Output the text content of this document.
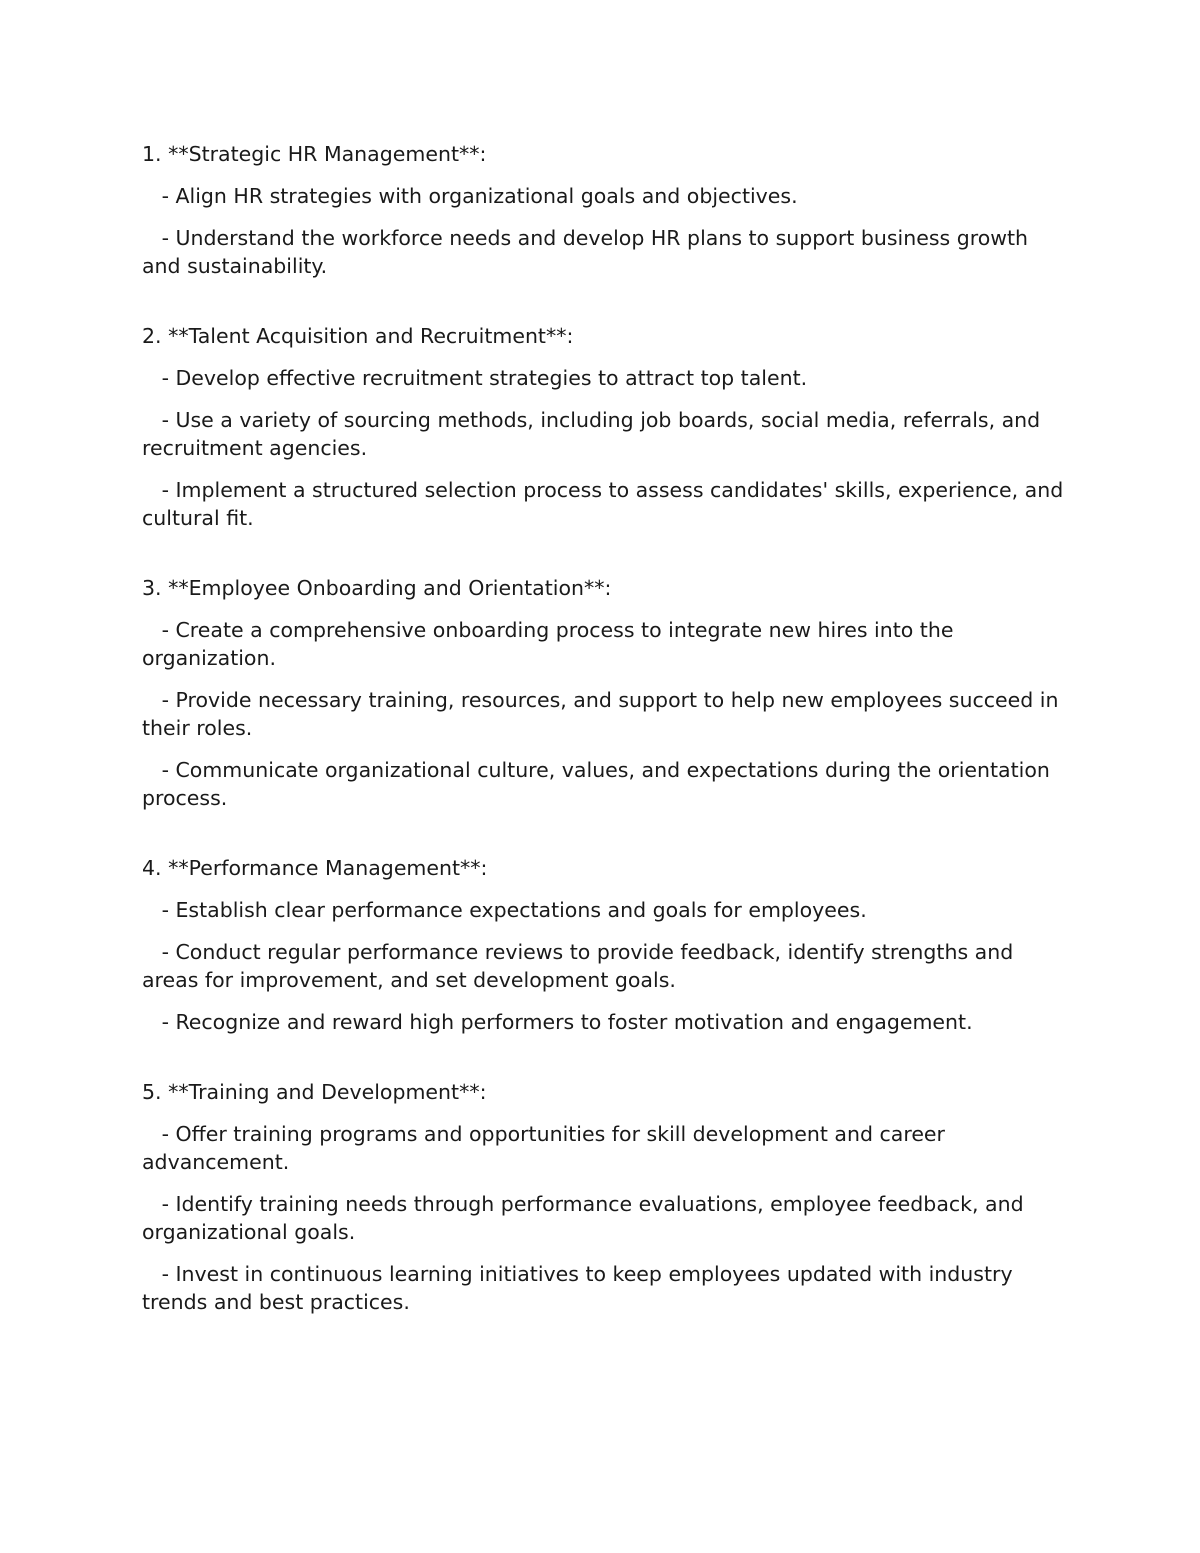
1. **Strategic HR Management**:

- Align HR strategies with organizational goals and objectives.

- Understand the workforce needs and develop HR plans to support business growth and sustainability.

2. **Talent Acquisition and Recruitment**:

- Develop effective recruitment strategies to attract top talent.

- Use a variety of sourcing methods, including job boards, social media, referrals, and recruitment agencies.

- Implement a structured selection process to assess candidates' skills, experience, and cultural fit.

3. **Employee Onboarding and Orientation**:

- Create a comprehensive onboarding process to integrate new hires into the organization.

- Provide necessary training, resources, and support to help new employees succeed in their roles.

- Communicate organizational culture, values, and expectations during the orientation process.

4. **Performance Management**:

- Establish clear performance expectations and goals for employees.

- Conduct regular performance reviews to provide feedback, identify strengths and areas for improvement, and set development goals.

- Recognize and reward high performers to foster motivation and engagement.

5. **Training and Development**:

- Offer training programs and opportunities for skill development and career advancement.

- Identify training needs through performance evaluations, employee feedback, and organizational goals.

- Invest in continuous learning initiatives to keep employees updated with industry trends and best practices.
